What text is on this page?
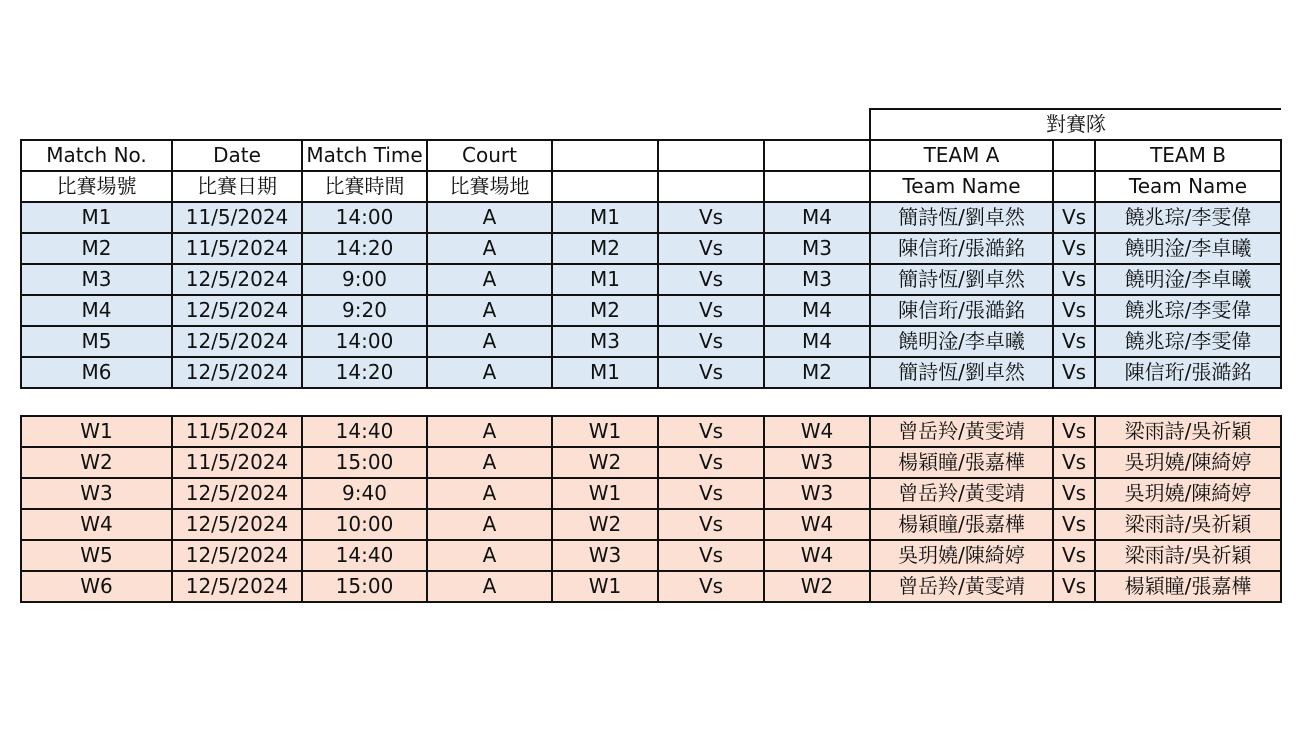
							對賽隊		
Match No.	Date	Match Time	Court				TEAM A		TEAM B
比賽場號	比賽日期	比賽時間	比賽場地				Team Name		Team Name
M1	11/5/2024	14:00	A	M1	Vs	M4	簡詩恆/劉卓然	Vs	饒兆琮/李雯偉
M2	11/5/2024	14:20	A	M2	Vs	M3	陳信珩/張澔銘	Vs	饒明淦/李卓曦
M3	12/5/2024	9:00	A	M1	Vs	M3	簡詩恆/劉卓然	Vs	饒明淦/李卓曦
M4	12/5/2024	9:20	A	M2	Vs	M4	陳信珩/張澔銘	Vs	饒兆琮/李雯偉
M5	12/5/2024	14:00	A	M3	Vs	M4	饒明淦/李卓曦	Vs	饒兆琮/李雯偉
M6	12/5/2024	14:20	A	M1	Vs	M2	簡詩恆/劉卓然	Vs	陳信珩/張澔銘

W1	11/5/2024	14:40	A	W1	Vs	W4	曾岳羚/黃雯靖	Vs	梁雨詩/吳祈穎
W2	11/5/2024	15:00	A	W2	Vs	W3	楊穎瞳/張嘉樺	Vs	吳玥嬈/陳綺婷
W3	12/5/2024	9:40	A	W1	Vs	W3	曾岳羚/黃雯靖	Vs	吳玥嬈/陳綺婷
W4	12/5/2024	10:00	A	W2	Vs	W4	楊穎瞳/張嘉樺	Vs	梁雨詩/吳祈穎
W5	12/5/2024	14:40	A	W3	Vs	W4	吳玥嬈/陳綺婷	Vs	梁雨詩/吳祈穎
W6	12/5/2024	15:00	A	W1	Vs	W2	曾岳羚/黃雯靖	Vs	楊穎瞳/張嘉樺
